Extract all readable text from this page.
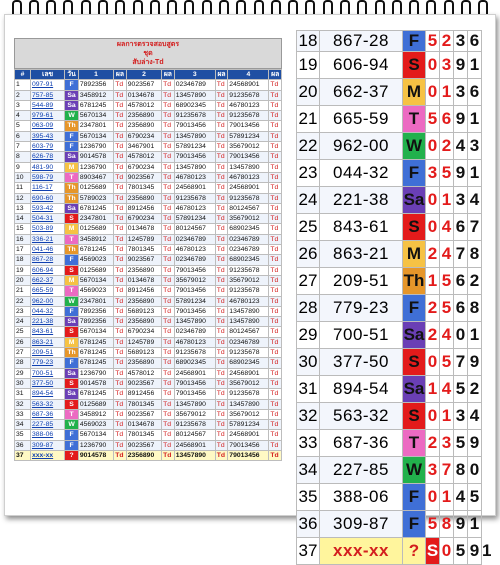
ผลการตรวจสอบสูตร
ชุด
สับล่าง-Td
#	เลข	วัน	1	ผล	2	ผล	3	ผล	4	ผล
1	097-91	F	7892356	Td	9023567	Td	02346789	Td	24568901	Td
2	757-85	Sa	3458912	Td	0134678	Td	13457890	Td	91235678	Td
3	544-89	Sa	6781245	Td	4578012	Td	68902345	Td	46780123	Td
4	979-61	W	5670134	Td	2356890	Td	91235678	Td	91235678	Td
5	063-09	Th	2347801	Td	2356890	Td	79013456	Td	79013456	Td
6	395-43	F	5670134	Td	6790234	Td	13457890	Td	57891234	Td
7	603-79	F	1236790	Td	3467901	Td	57891234	Td	35679012	Td
8	626-78	Sa	9014578	Td	4578012	Td	79013456	Td	79013456	Td
9	481-90	M	1236790	Td	6790234	Td	13457890	Td	13457890	Td
10	598-79	T	8903467	Td	9023567	Td	46780123	Td	46780123	Td
11	116-17	Th	0125689	Td	7801345	Td	24568901	Td	24568901	Td
12	690-60	Th	5789023	Td	2356890	Td	91235678	Td	91235678	Td
13	593-42	Sa	6781245	Td	8912456	Td	46780123	Td	80124567	Td
14	504-31	S	2347801	Td	6790234	Td	57891234	Td	35679012	Td
15	503-89	M	0125689	Td	0134678	Td	80124567	Td	68902345	Td
16	336-21	T	3458912	Td	1245789	Td	02346789	Td	02346789	Td
17	041-46	Th	6781245	Td	7801345	Td	46780123	Td	02346789	Td
18	867-28	F	4569023	Td	9023567	Td	02346789	Td	68902345	Td
19	606-94	S	0125689	Td	2356890	Td	79013456	Td	91235678	Td
20	662-37	M	5670134	Td	0134678	Td	35679012	Td	35679012	Td
21	665-59	T	4569023	Td	8912456	Td	79013456	Td	91235678	Td
22	962-00	W	2347801	Td	2356890	Td	57891234	Td	46780123	Td
23	044-32	F	7892356	Td	5689123	Td	79013456	Td	13457890	Td
24	221-38	Sa	7892356	Td	2356890	Td	13457890	Td	13457890	Td
25	843-61	S	5670134	Td	6790234	Td	02346789	Td	80124567	Td
26	863-21	M	6781245	Td	1245789	Td	46780123	Td	02346789	Td
27	209-51	Th	6781245	Td	5689123	Td	91235678	Td	91235678	Td
28	779-23	F	6781245	Td	2356890	Td	68902345	Td	68902345	Td
29	700-51	Sa	1236790	Td	4578012	Td	24568901	Td	24568901	Td
30	377-50	S	9014578	Td	9023567	Td	79013456	Td	35679012	Td
31	894-54	Sa	6781245	Td	8912456	Td	79013456	Td	91235678	Td
32	563-32	S	0125689	Td	7801345	Td	13457890	Td	13457890	Td
33	687-36	T	3458912	Td	9023567	Td	35679012	Td	35679012	Td
34	227-85	W	4569023	Td	0134678	Td	91235678	Td	57891234	Td
35	388-06	F	5670134	Td	7801345	Td	80124567	Td	24568901	Td
36	309-87	F	1236790	Td	9023567	Td	24568901	Td	79013456	Td
37	xxx-xx	?	9014578	Td	2356890	Td	13457890	Td	79013456	Td
18	867-28	F	5	2	3	6	
19	606-94	S	0	3	9	1	
20	662-37	M	0	1	3	6	
21	665-59	T	5	6	9	1	
22	962-00	W	0	2	4	3	
23	044-32	F	3	5	9	1	
24	221-38	Sa	0	1	3	4	
25	843-61	S	0	4	6	7	
26	863-21	M	2	4	7	8	
27	209-51	Th	1	5	6	2	
28	779-23	F	2	5	6	8	
29	700-51	Sa	2	4	0	1	
30	377-50	S	0	5	7	9	
31	894-54	Sa	1	4	5	2	
32	563-32	S	0	1	3	4	
33	687-36	T	2	3	5	9	
34	227-85	W	3	7	8	0	
35	388-06	F	0	1	4	5	
36	309-87	F	5	8	9	1	
37	xxx-xx	?	S	0	5	9	1
